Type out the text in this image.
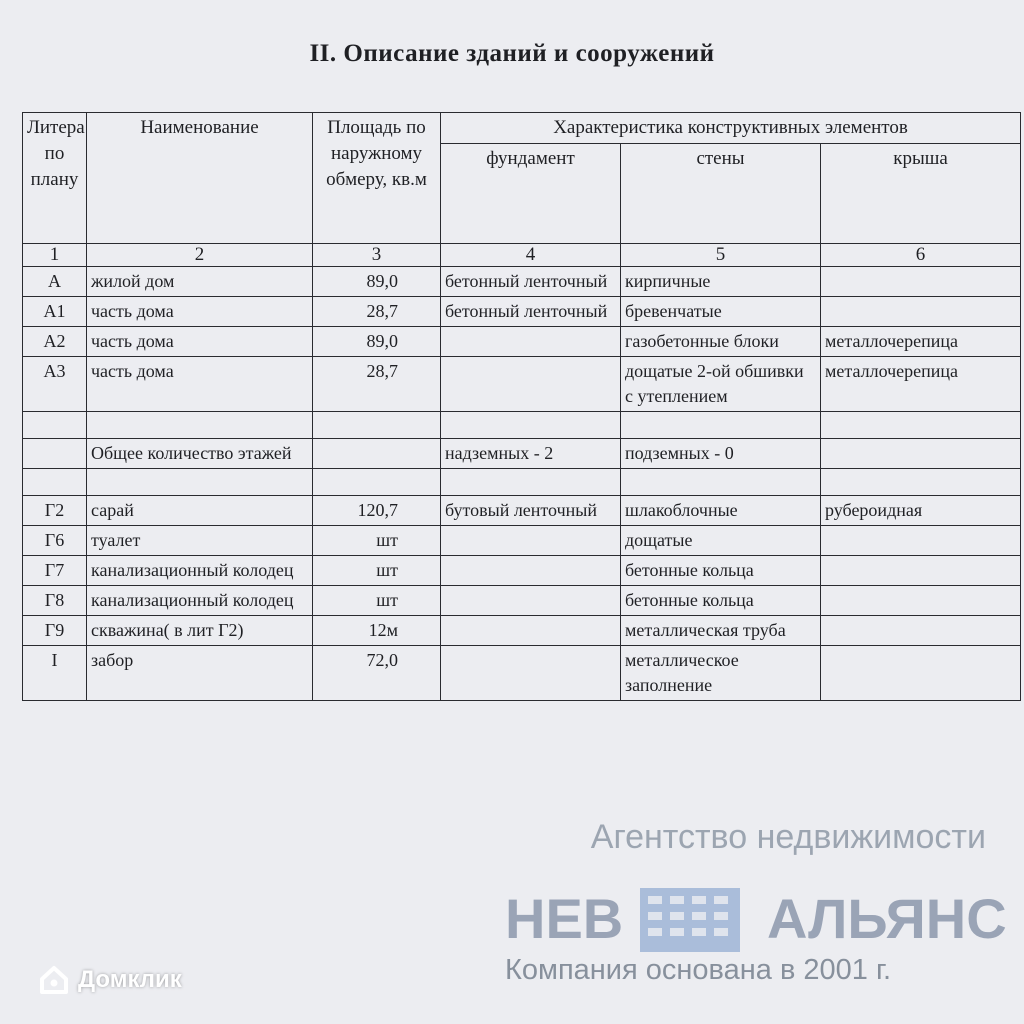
II. Описание зданий и сооружений
Литера по плану	Наименование	Площадь по наружному обмеру, кв.м	Характеристика конструктивных элементов		
			фундамент	стены	крыша
1	2	3	4	5	6
А	жилой дом	89,0	бетонный ленточный	кирпичные	
А1	часть дома	28,7	бетонный ленточный	бревенчатые	
А2	часть дома	89,0		газобетонные блоки	металлочерепица
А3	часть дома	28,7		дощатые 2-ой обшивки с утеплением	металлочерепица

	Общее количество этажей		надземных - 2	подземных - 0	

Г2	сарай	120,7	бутовый ленточный	шлакоблочные	рубероидная
Г6	туалет	шт		дощатые	
Г7	канализационный колодец	шт		бетонные кольца	
Г8	канализационный колодец	шт		бетонные кольца	
Г9	скважина( в лит Г2)	12м		металлическая труба	
I	забор	72,0		металлическое заполнение	
Агентство недвижимости
НЕВ	АЛЬЯНС
Компания основана в 2001 г.
Домклик
